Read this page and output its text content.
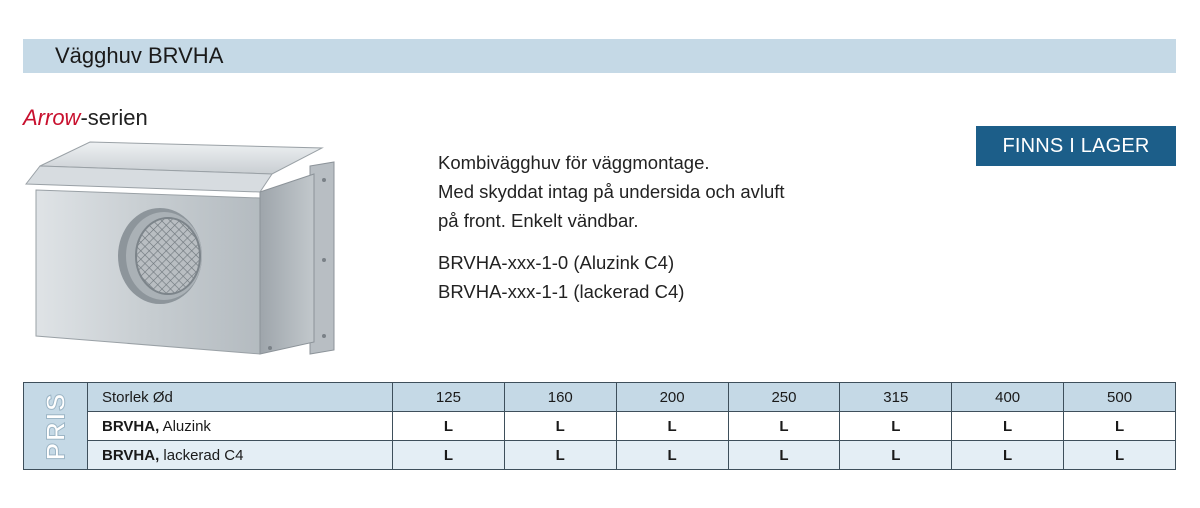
Vägghuv BRVHA
Arrow-serien
FINNS I LAGER

Kombivägghuv för väggmontage.

Med skyddat intag på undersida och avluft

på front. Enkelt vändbar.

BRVHA-xxx-1-0 (Aluzink C4)

BRVHA-xxx-1-1 (lackerad C4)

PRIS	Storlek Ød	125	160	200	250	315	400	500
	BRVHA, Aluzink	L	L	L	L	L	L	L
	BRVHA, lackerad C4	L	L	L	L	L	L	L
